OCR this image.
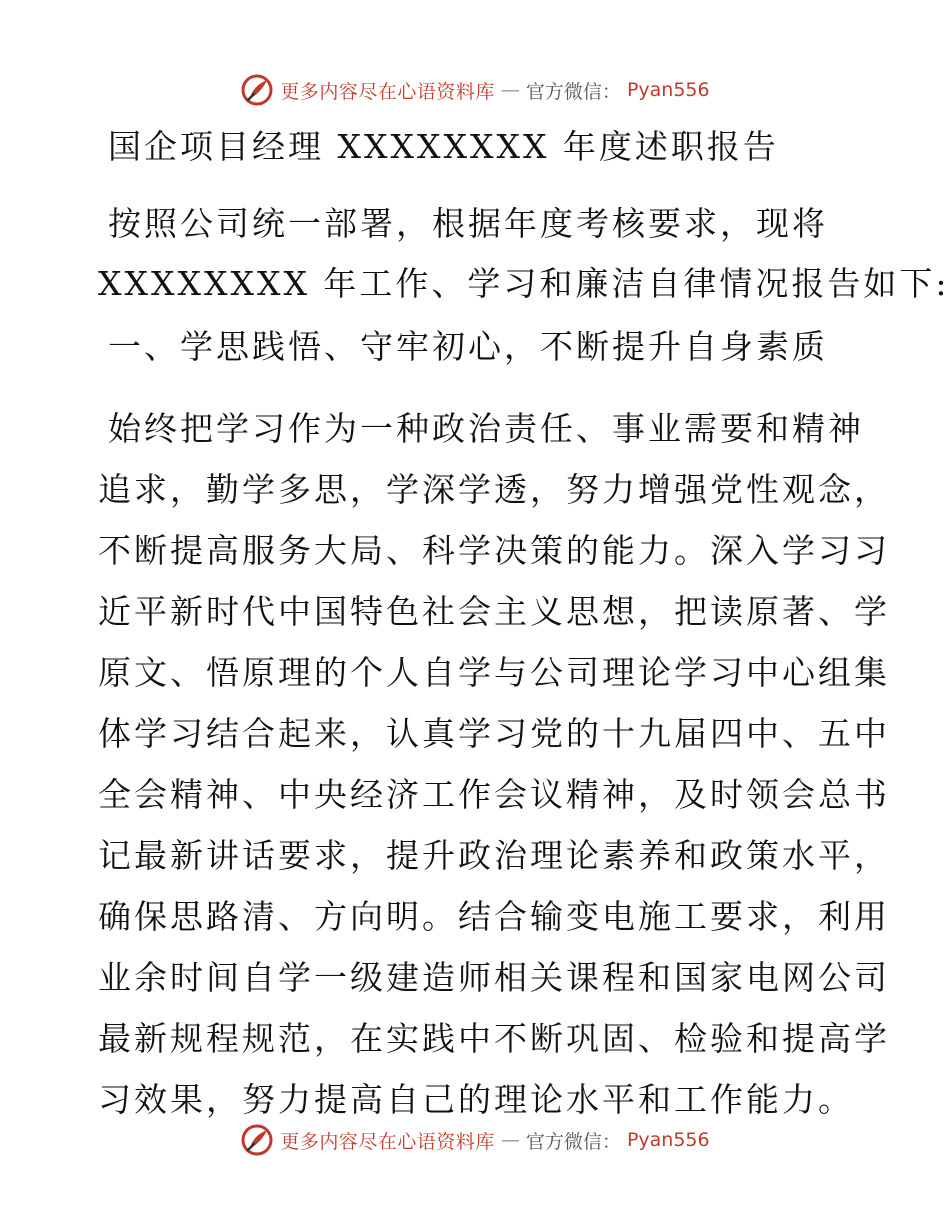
更多内容尽在心语资料库 — 官方微信： Pyan556
国企项目经理 XXXXXXXX 年度述职报告
按照公司统一部署，根据年度考核要求，现将
XXXXXXXX 年工作、学习和廉洁自律情况报告如下:
一、学思践悟、守牢初心，不断提升自身素质
始终把学习作为一种政治责任、事业需要和精神
追求，勤学多思，学深学透，努力增强党性观念，
不断提高服务大局、科学决策的能力。深入学习习
近平新时代中国特色社会主义思想，把读原著、学
原文、悟原理的个人自学与公司理论学习中心组集
体学习结合起来，认真学习党的十九届四中、五中
全会精神、中央经济工作会议精神，及时领会总书
记最新讲话要求，提升政治理论素养和政策水平，
确保思路清、方向明。结合输变电施工要求，利用
业余时间自学一级建造师相关课程和国家电网公司
最新规程规范，在实践中不断巩固、检验和提高学
习效果，努力提高自己的理论水平和工作能力。
更多内容尽在心语资料库 — 官方微信： Pyan556
